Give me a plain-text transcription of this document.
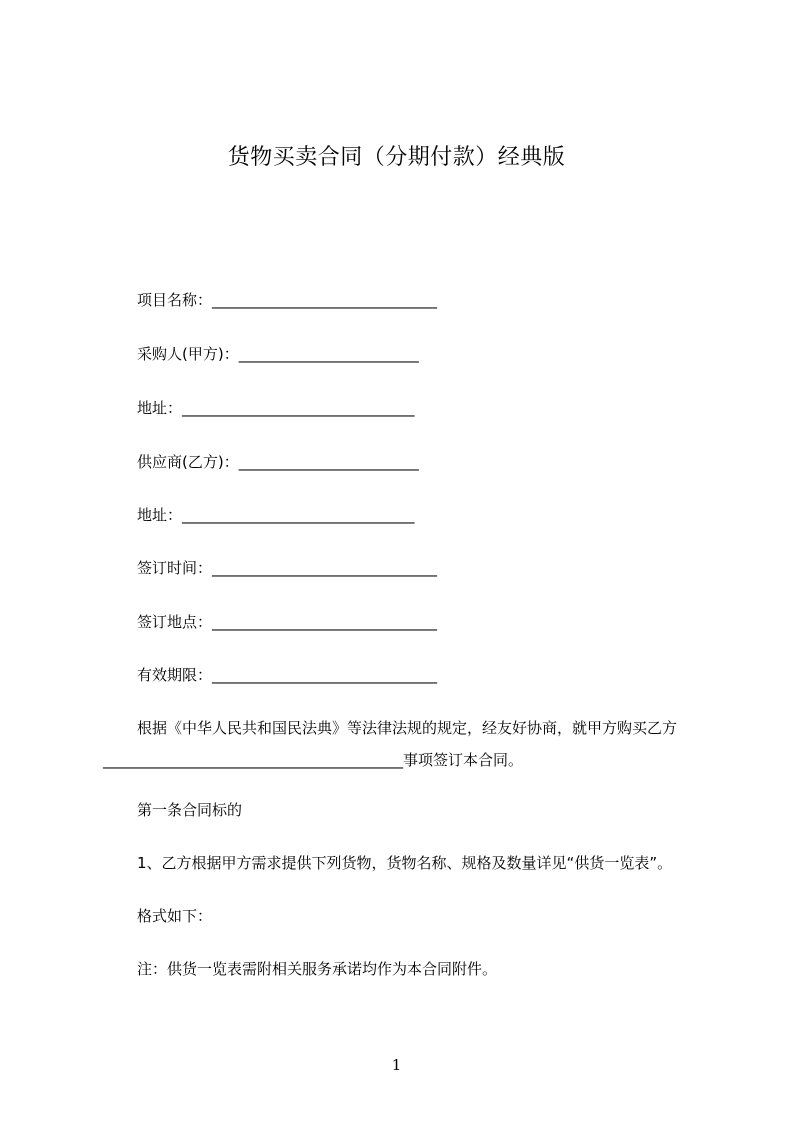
货物买卖合同（分期付款）经典版
项目名称：______________________________
采购人(甲方)：________________________
地址：_______________________________
供应商(乙方)：________________________
地址：_______________________________
签订时间：______________________________
签订地点：______________________________
有效期限：______________________________
根据《中华人民共和国民法典》等法律法规的规定，经友好协商，就甲方购买乙方________________________________________事项签订本合同。
第一条合同标的
1、乙方根据甲方需求提供下列货物，货物名称、规格及数量详见“供货一览表”。
格式如下：
注：供货一览表需附相关服务承诺均作为本合同附件。
1
